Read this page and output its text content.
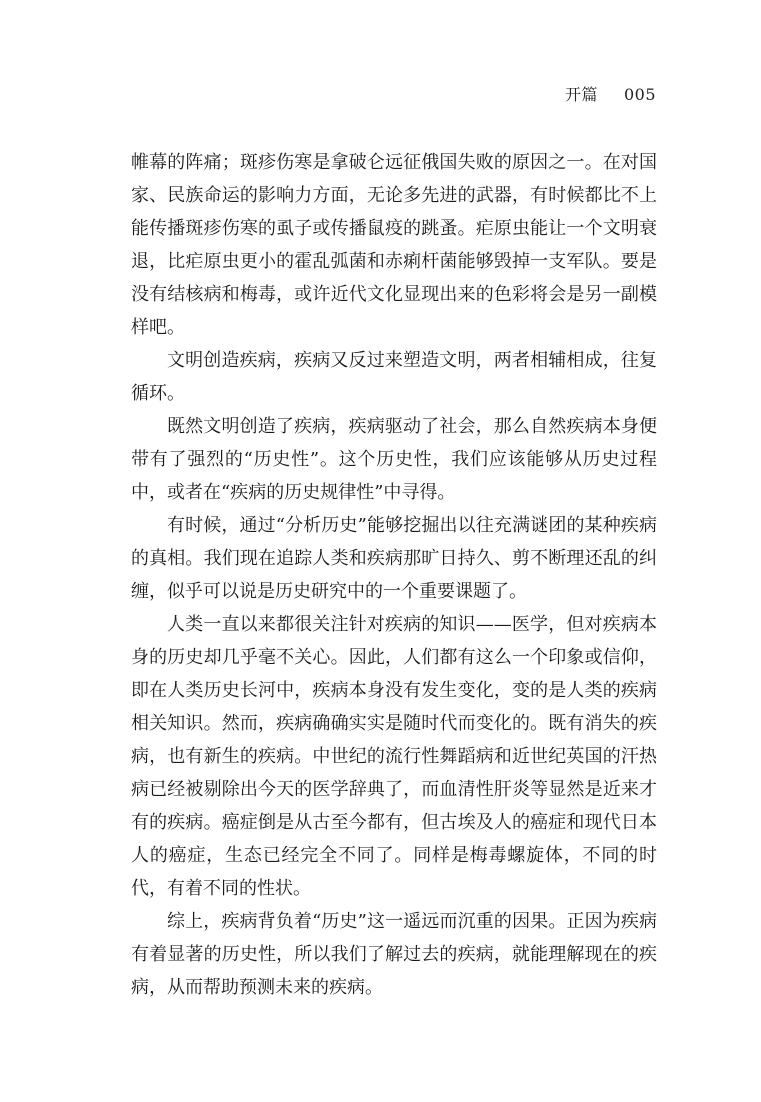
开篇 005

帷幕的阵痛；斑疹伤寒是拿破仑远征俄国失败的原因之一。在对国家、民族命运的影响力方面，无论多先进的武器，有时候都比不上能传播斑疹伤寒的虱子或传播鼠疫的跳蚤。疟原虫能让一个文明衰退，比疟原虫更小的霍乱弧菌和赤痢杆菌能够毁掉一支军队。要是没有结核病和梅毒，或许近代文化显现出来的色彩将会是另一副模样吧。

文明创造疾病，疾病又反过来塑造文明，两者相辅相成，往复循环。

既然文明创造了疾病，疾病驱动了社会，那么自然疾病本身便带有了强烈的“历史性”。这个历史性，我们应该能够从历史过程中，或者在“疾病的历史规律性”中寻得。

有时候，通过“分析历史”能够挖掘出以往充满谜团的某种疾病的真相。我们现在追踪人类和疾病那旷日持久、剪不断理还乱的纠缠，似乎可以说是历史研究中的一个重要课题了。

人类一直以来都很关注针对疾病的知识——医学，但对疾病本身的历史却几乎毫不关心。因此，人们都有这么一个印象或信仰，即在人类历史长河中，疾病本身没有发生变化，变的是人类的疾病相关知识。然而，疾病确确实实是随时代而变化的。既有消失的疾病，也有新生的疾病。中世纪的流行性舞蹈病和近世纪英国的汗热病已经被剔除出今天的医学辞典了，而血清性肝炎等显然是近来才有的疾病。癌症倒是从古至今都有，但古埃及人的癌症和现代日本人的癌症，生态已经完全不同了。同样是梅毒螺旋体，不同的时代，有着不同的性状。

综上，疾病背负着“历史”这一遥远而沉重的因果。正因为疾病有着显著的历史性，所以我们了解过去的疾病，就能理解现在的疾病，从而帮助预测未来的疾病。
